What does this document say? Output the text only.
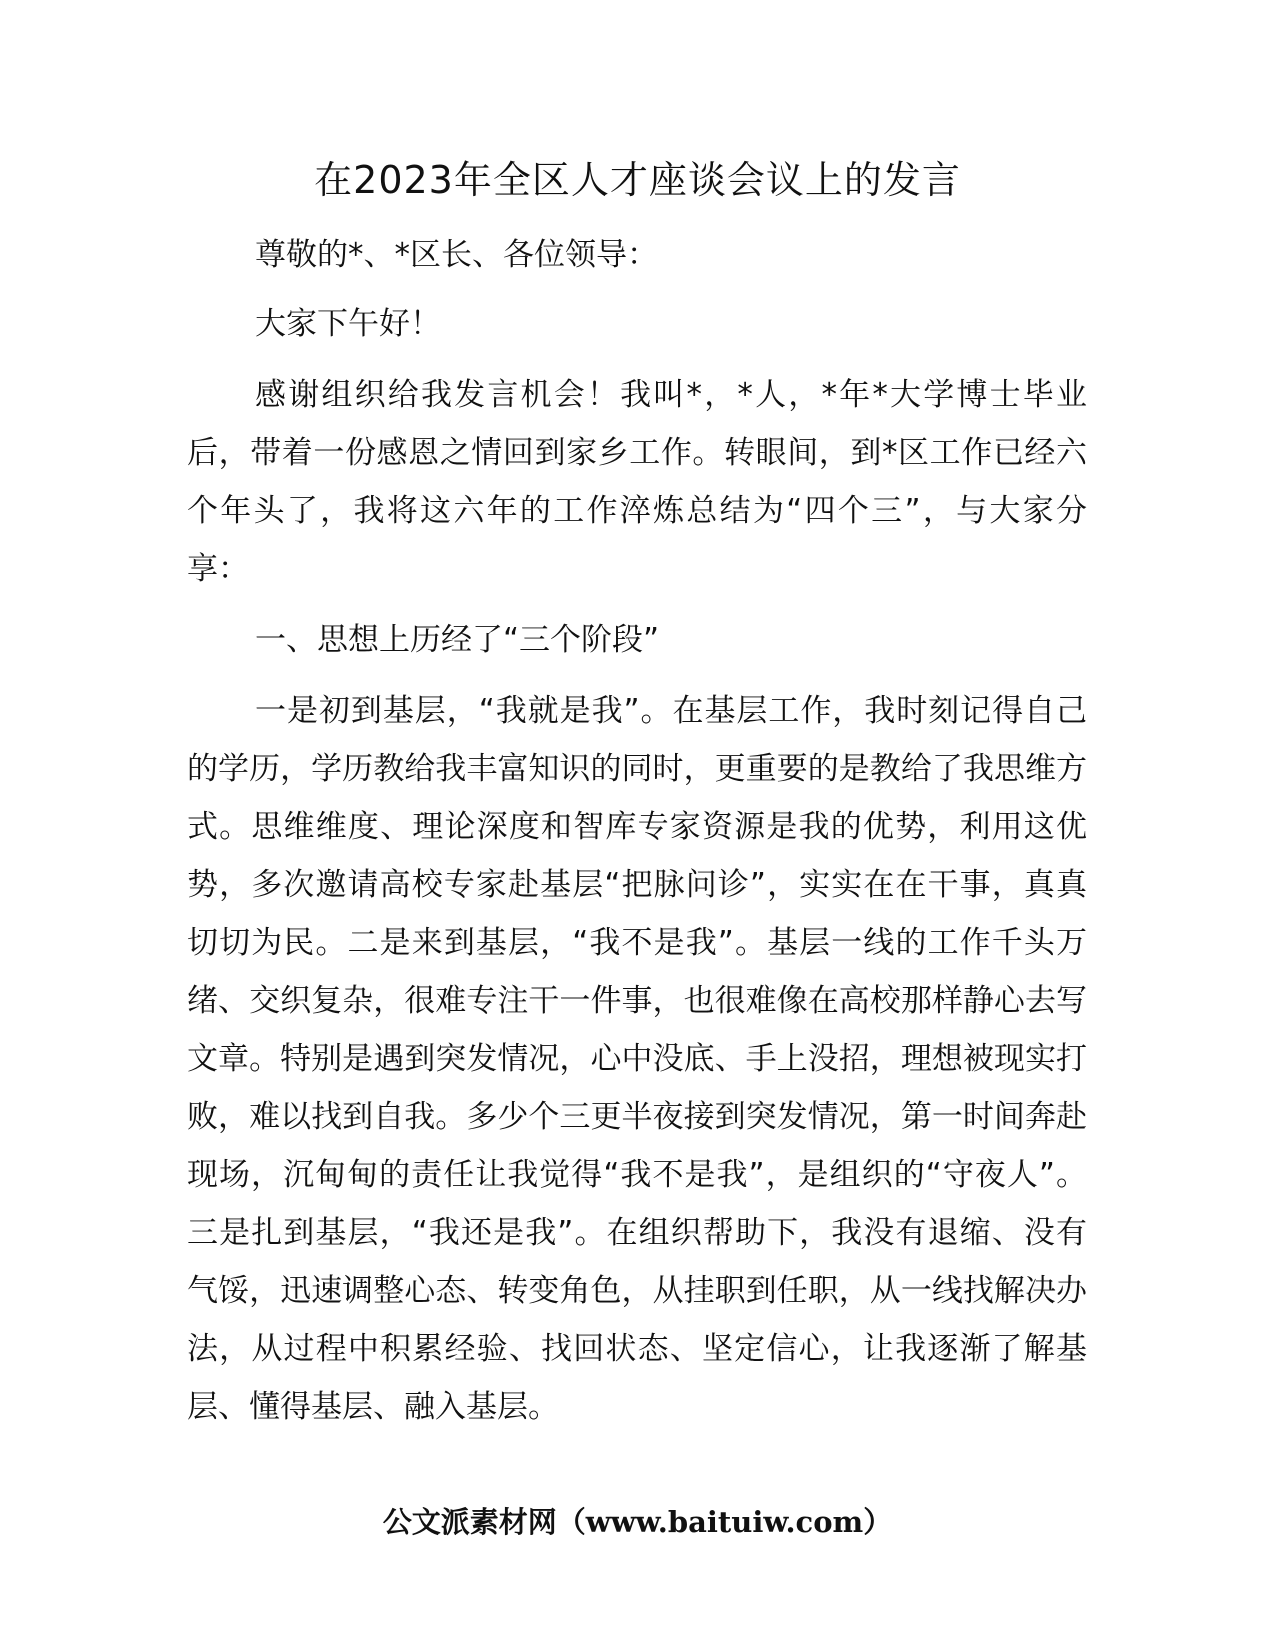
在2023年全区人才座谈会议上的发言

尊敬的*、*区长、各位领导：

大家下午好！

感谢组织给我发言机会！我叫*，*人，*年*大学博士毕业后，带着一份感恩之情回到家乡工作。转眼间，到*区工作已经六个年头了，我将这六年的工作淬炼总结为“四个三”，与大家分享：

一、思想上历经了“三个阶段”

一是初到基层，“我就是我”。在基层工作，我时刻记得自己的学历，学历教给我丰富知识的同时，更重要的是教给了我思维方式。思维维度、理论深度和智库专家资源是我的优势，利用这优势，多次邀请高校专家赴基层“把脉问诊”，实实在在干事，真真切切为民。二是来到基层，“我不是我”。基层一线的工作千头万绪、交织复杂，很难专注干一件事，也很难像在高校那样静心去写文章。特别是遇到突发情况，心中没底、手上没招，理想被现实打败，难以找到自我。多少个三更半夜接到突发情况，第一时间奔赴现场，沉甸甸的责任让我觉得“我不是我”，是组织的“守夜人”。三是扎到基层，“我还是我”。在组织帮助下，我没有退缩、没有气馁，迅速调整心态、转变角色，从挂职到任职，从一线找解决办法，从过程中积累经验、找回状态、坚定信心，让我逐渐了解基层、懂得基层、融入基层。

公文派素材网（www.baituiw.com）
